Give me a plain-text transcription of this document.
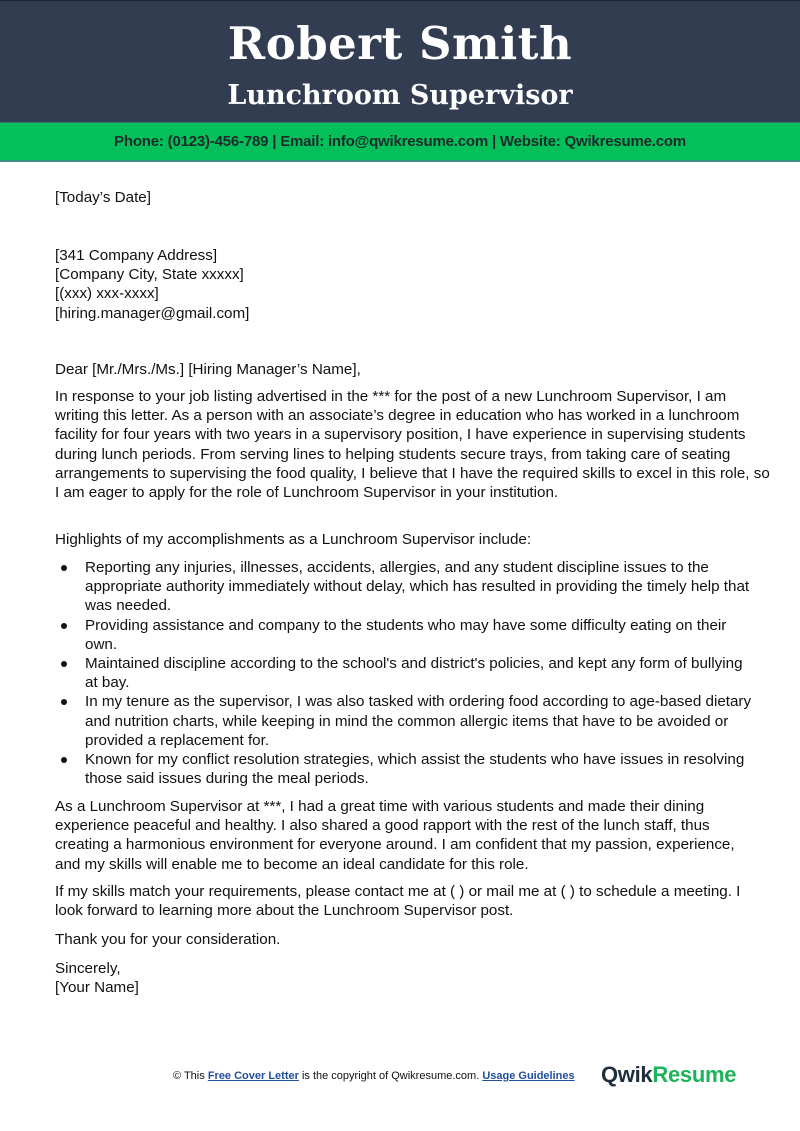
Robert Smith
Lunchroom Supervisor
Phone: (0123)-456-789 | Email: info@qwikresume.com | Website: Qwikresume.com
[Today’s Date]
[341 Company Address]
[Company City, State xxxxx]
[(xxx) xxx-xxxx]
[hiring.manager@gmail.com]
Dear [Mr./Mrs./Ms.] [Hiring Manager’s Name],
In response to your job listing advertised in the *** for the post of a new Lunchroom Supervisor, I am writing this letter. As a person with an associate’s degree in education who has worked in a lunchroom facility for four years with two years in a supervisory position, I have experience in supervising students during lunch periods. From serving lines to helping students secure trays, from taking care of seating arrangements to supervising the food quality, I believe that I have the required skills to excel in this role, so I am eager to apply for the role of Lunchroom Supervisor in your institution.
Highlights of my accomplishments as a Lunchroom Supervisor include:
Reporting any injuries, illnesses, accidents, allergies, and any student discipline issues to the appropriate authority immediately without delay, which has resulted in providing the timely help that was needed.
Providing assistance and company to the students who may have some difficulty eating on their own.
Maintained discipline according to the school's and district's policies, and kept any form of bullying at bay.
In my tenure as the supervisor, I was also tasked with ordering food according to age-based dietary and nutrition charts, while keeping in mind the common allergic items that have to be avoided or provided a replacement for.
Known for my conflict resolution strategies, which assist the students who have issues in resolving those said issues during the meal periods.
As a Lunchroom Supervisor at ***, I had a great time with various students and made their dining experience peaceful and healthy. I also shared a good rapport with the rest of the lunch staff, thus creating a harmonious environment for everyone around. I am confident that my passion, experience, and my skills will enable me to become an ideal candidate for this role.
If my skills match your requirements, please contact me at ( ) or mail me at ( ) to schedule a meeting. I look forward to learning more about the Lunchroom Supervisor post.
Thank you for your consideration.
Sincerely,
[Your Name]
© This Free Cover Letter is the copyright of Qwikresume.com. Usage Guidelines QwikResume
